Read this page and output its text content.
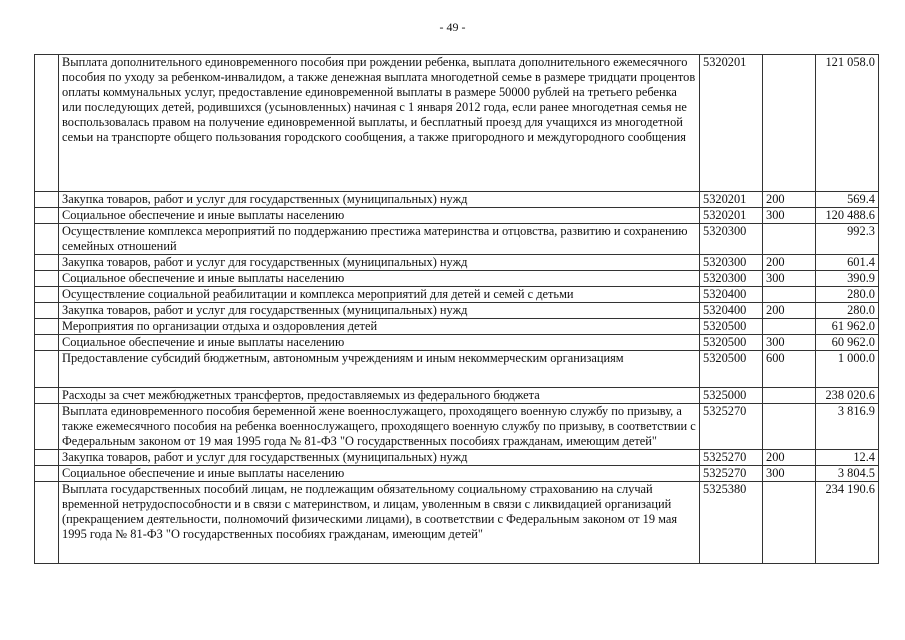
- 49 -
	Выплата дополнительного единовременного пособия при рождении ребенка, выплата дополнительного ежемесячного пособия по уходу за ребенком-инвалидом, а также денежная выплата многодетной семье в размере тридцати процентов оплаты коммунальных услуг, предоставление единовременной выплаты в размере 50000 рублей на третьего ребенка или последующих детей, родившихся (усыновленных) начиная с 1 января 2012 года, если ранее многодетная семья не воспользовалась правом на получение единовременной выплаты, и бесплатный проезд для учащихся из многодетной семьи на транспорте общего пользования городского сообщения, а также пригородного и междугородного сообщения	5320201		121 058.0
	Закупка товаров, работ и услуг для государственных (муниципальных) нужд	5320201	200	569.4
	Социальное обеспечение и иные выплаты населению	5320201	300	120 488.6
	Осуществление комплекса мероприятий по поддержанию престижа материнства и отцовства, развитию и сохранению семейных отношений	5320300		992.3
	Закупка товаров, работ и услуг для государственных (муниципальных) нужд	5320300	200	601.4
	Социальное обеспечение и иные выплаты населению	5320300	300	390.9
	Осуществление социальной реабилитации и комплекса мероприятий для детей и семей с детьми	5320400		280.0
	Закупка товаров, работ и услуг для государственных (муниципальных) нужд	5320400	200	280.0
	Мероприятия по организации отдыха и оздоровления детей	5320500		61 962.0
	Социальное обеспечение и иные выплаты населению	5320500	300	60 962.0
	Предоставление субсидий бюджетным, автономным учреждениям и иным некоммерческим организациям	5320500	600	1 000.0
	Расходы за счет межбюджетных трансфертов, предоставляемых из федерального бюджета	5325000		238 020.6
	Выплата единовременного пособия беременной жене военнослужащего, проходящего военную службу по призыву, а также ежемесячного пособия на ребенка военнослужащего, проходящего военную службу по призыву, в соответствии с Федеральным законом от 19 мая 1995 года № 81-ФЗ "О государственных пособиях гражданам, имеющим детей"	5325270		3 816.9
	Закупка товаров, работ и услуг для государственных (муниципальных) нужд	5325270	200	12.4
	Социальное обеспечение и иные выплаты населению	5325270	300	3 804.5
	Выплата государственных пособий лицам, не подлежащим обязательному социальному страхованию на случай временной нетрудоспособности и в связи с материнством, и лицам, уволенным в связи с ликвидацией организаций (прекращением деятельности, полномочий физическими лицами), в соответствии с Федеральным законом от 19 мая 1995 года № 81-ФЗ "О государственных пособиях гражданам, имеющим детей"	5325380		234 190.6
